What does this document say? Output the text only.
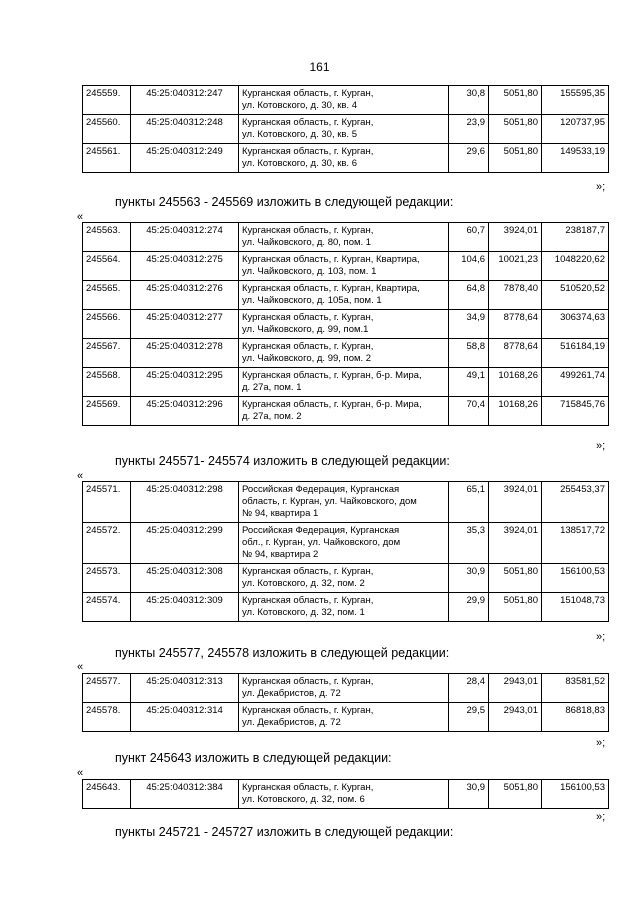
161
245559.	45:25:040312:247	Курганская область, г. Курган,
ул. Котовского, д. 30, кв. 4	30,8	5051,80	155595,35
245560.	45:25:040312:248	Курганская область, г. Курган,
ул. Котовского, д. 30, кв. 5	23,9	5051,80	120737,95
245561.	45:25:040312:249	Курганская область, г. Курган,
ул. Котовского, д. 30, кв. 6	29,6	5051,80	149533,19
»;
пункты 245563 - 245569 изложить в следующей редакции:
«
245563.	45:25:040312:274	Курганская область, г. Курган,
ул. Чайковского, д. 80, пом. 1	60,7	3924,01	238187,7
245564.	45:25:040312:275	Курганская область, г. Курган, Квартира,
ул. Чайковского, д. 103, пом. 1	104,6	10021,23	1048220,62
245565.	45:25:040312:276	Курганская область, г. Курган, Квартира,
ул. Чайковского, д. 105а, пом. 1	64,8	7878,40	510520,52
245566.	45:25:040312:277	Курганская область, г. Курган,
ул. Чайковского, д. 99, пом.1	34,9	8778,64	306374,63
245567.	45:25:040312:278	Курганская область, г. Курган,
ул. Чайковского, д. 99, пом. 2	58,8	8778,64	516184,19
245568.	45:25:040312:295	Курганская область, г. Курган, б-р. Мира,
д. 27а, пом. 1	49,1	10168,26	499261,74
245569.	45:25:040312:296	Курганская область, г. Курган, б-р. Мира,
д. 27а, пом. 2	70,4	10168,26	715845,76
»;
пункты 245571- 245574 изложить в следующей редакции:
«
245571.	45:25:040312:298	Российская Федерация, Курганская
область, г. Курган, ул. Чайковского, дом
№ 94, квартира 1	65,1	3924,01	255453,37
245572.	45:25:040312:299	Российская Федерация, Курганская
обл., г. Курган, ул. Чайковского, дом
№ 94, квартира 2	35,3	3924,01	138517,72
245573.	45:25:040312:308	Курганская область, г. Курган,
ул. Котовского, д. 32, пом. 2	30,9	5051,80	156100,53
245574.	45:25:040312:309	Курганская область, г. Курган,
ул. Котовского, д. 32, пом. 1	29,9	5051,80	151048,73
»;
пункты 245577, 245578 изложить в следующей редакции:
«
245577.	45:25:040312:313	Курганская область, г. Курган,
ул. Декабристов, д. 72	28,4	2943,01	83581,52
245578.	45:25:040312:314	Курганская область, г. Курган,
ул. Декабристов, д. 72	29,5	2943,01	86818,83
»;
пункт 245643 изложить в следующей редакции:
«
245643.	45:25:040312:384	Курганская область, г. Курган,
ул. Котовского, д. 32, пом. 6
	30,9	5051,80	156100,53
»;
пункты 245721 - 245727 изложить в следующей редакции:
